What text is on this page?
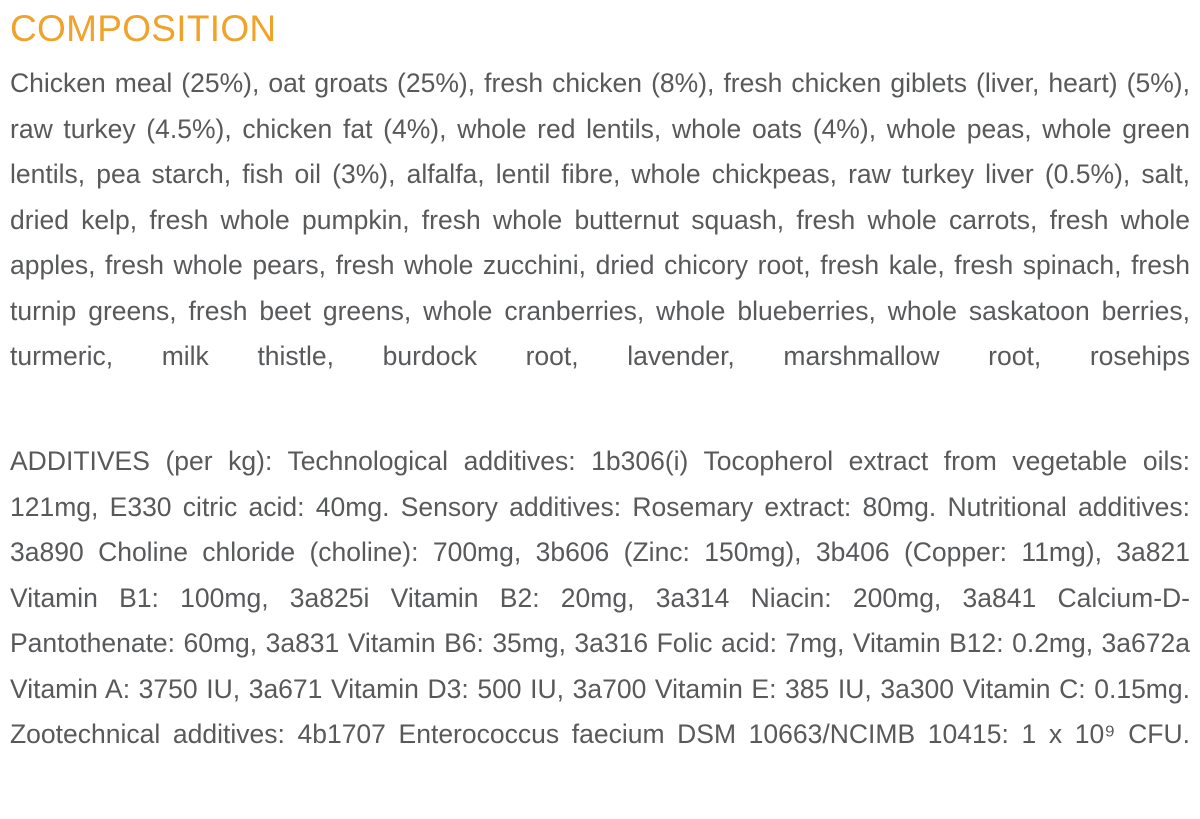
COMPOSITION

Chicken meal (25%), oat groats (25%), fresh chicken (8%), fresh chicken giblets (liver, heart) (5%), raw turkey (4.5%), chicken fat (4%), whole red lentils, whole oats (4%), whole peas, whole green lentils, pea starch, fish oil (3%), alfalfa, lentil fibre, whole chickpeas, raw turkey liver (0.5%), salt, dried kelp, fresh whole pumpkin, fresh whole butternut squash, fresh whole carrots, fresh whole apples, fresh whole pears, fresh whole zucchini, dried chicory root, fresh kale, fresh spinach, fresh turnip greens, fresh beet greens, whole cranberries, whole blueberries, whole saskatoon berries, turmeric, milk thistle, burdock root, lavender, marshmallow root, rosehips

ADDITIVES (per kg): Technological additives: 1b306(i) Tocopherol extract from vegetable oils: 121mg, E330 citric acid: 40mg. Sensory additives: Rosemary extract: 80mg. Nutritional additives: 3a890 Choline chloride (choline): 700mg, 3b606 (Zinc: 150mg), 3b406 (Copper: 11mg), 3a821 Vitamin B1: 100mg, 3a825i Vitamin B2: 20mg, 3a314 Niacin: 200mg, 3a841 Calcium-D-Pantothenate: 60mg, 3a831 Vitamin B6: 35mg, 3a316 Folic acid: 7mg, Vitamin B12: 0.2mg, 3a672a Vitamin A: 3750 IU, 3a671 Vitamin D3: 500 IU, 3a700 Vitamin E: 385 IU, 3a300 Vitamin C: 0.15mg. Zootechnical additives: 4b1707 Enterococcus faecium DSM 10663/NCIMB 10415: 1 x 10⁹ CFU.
